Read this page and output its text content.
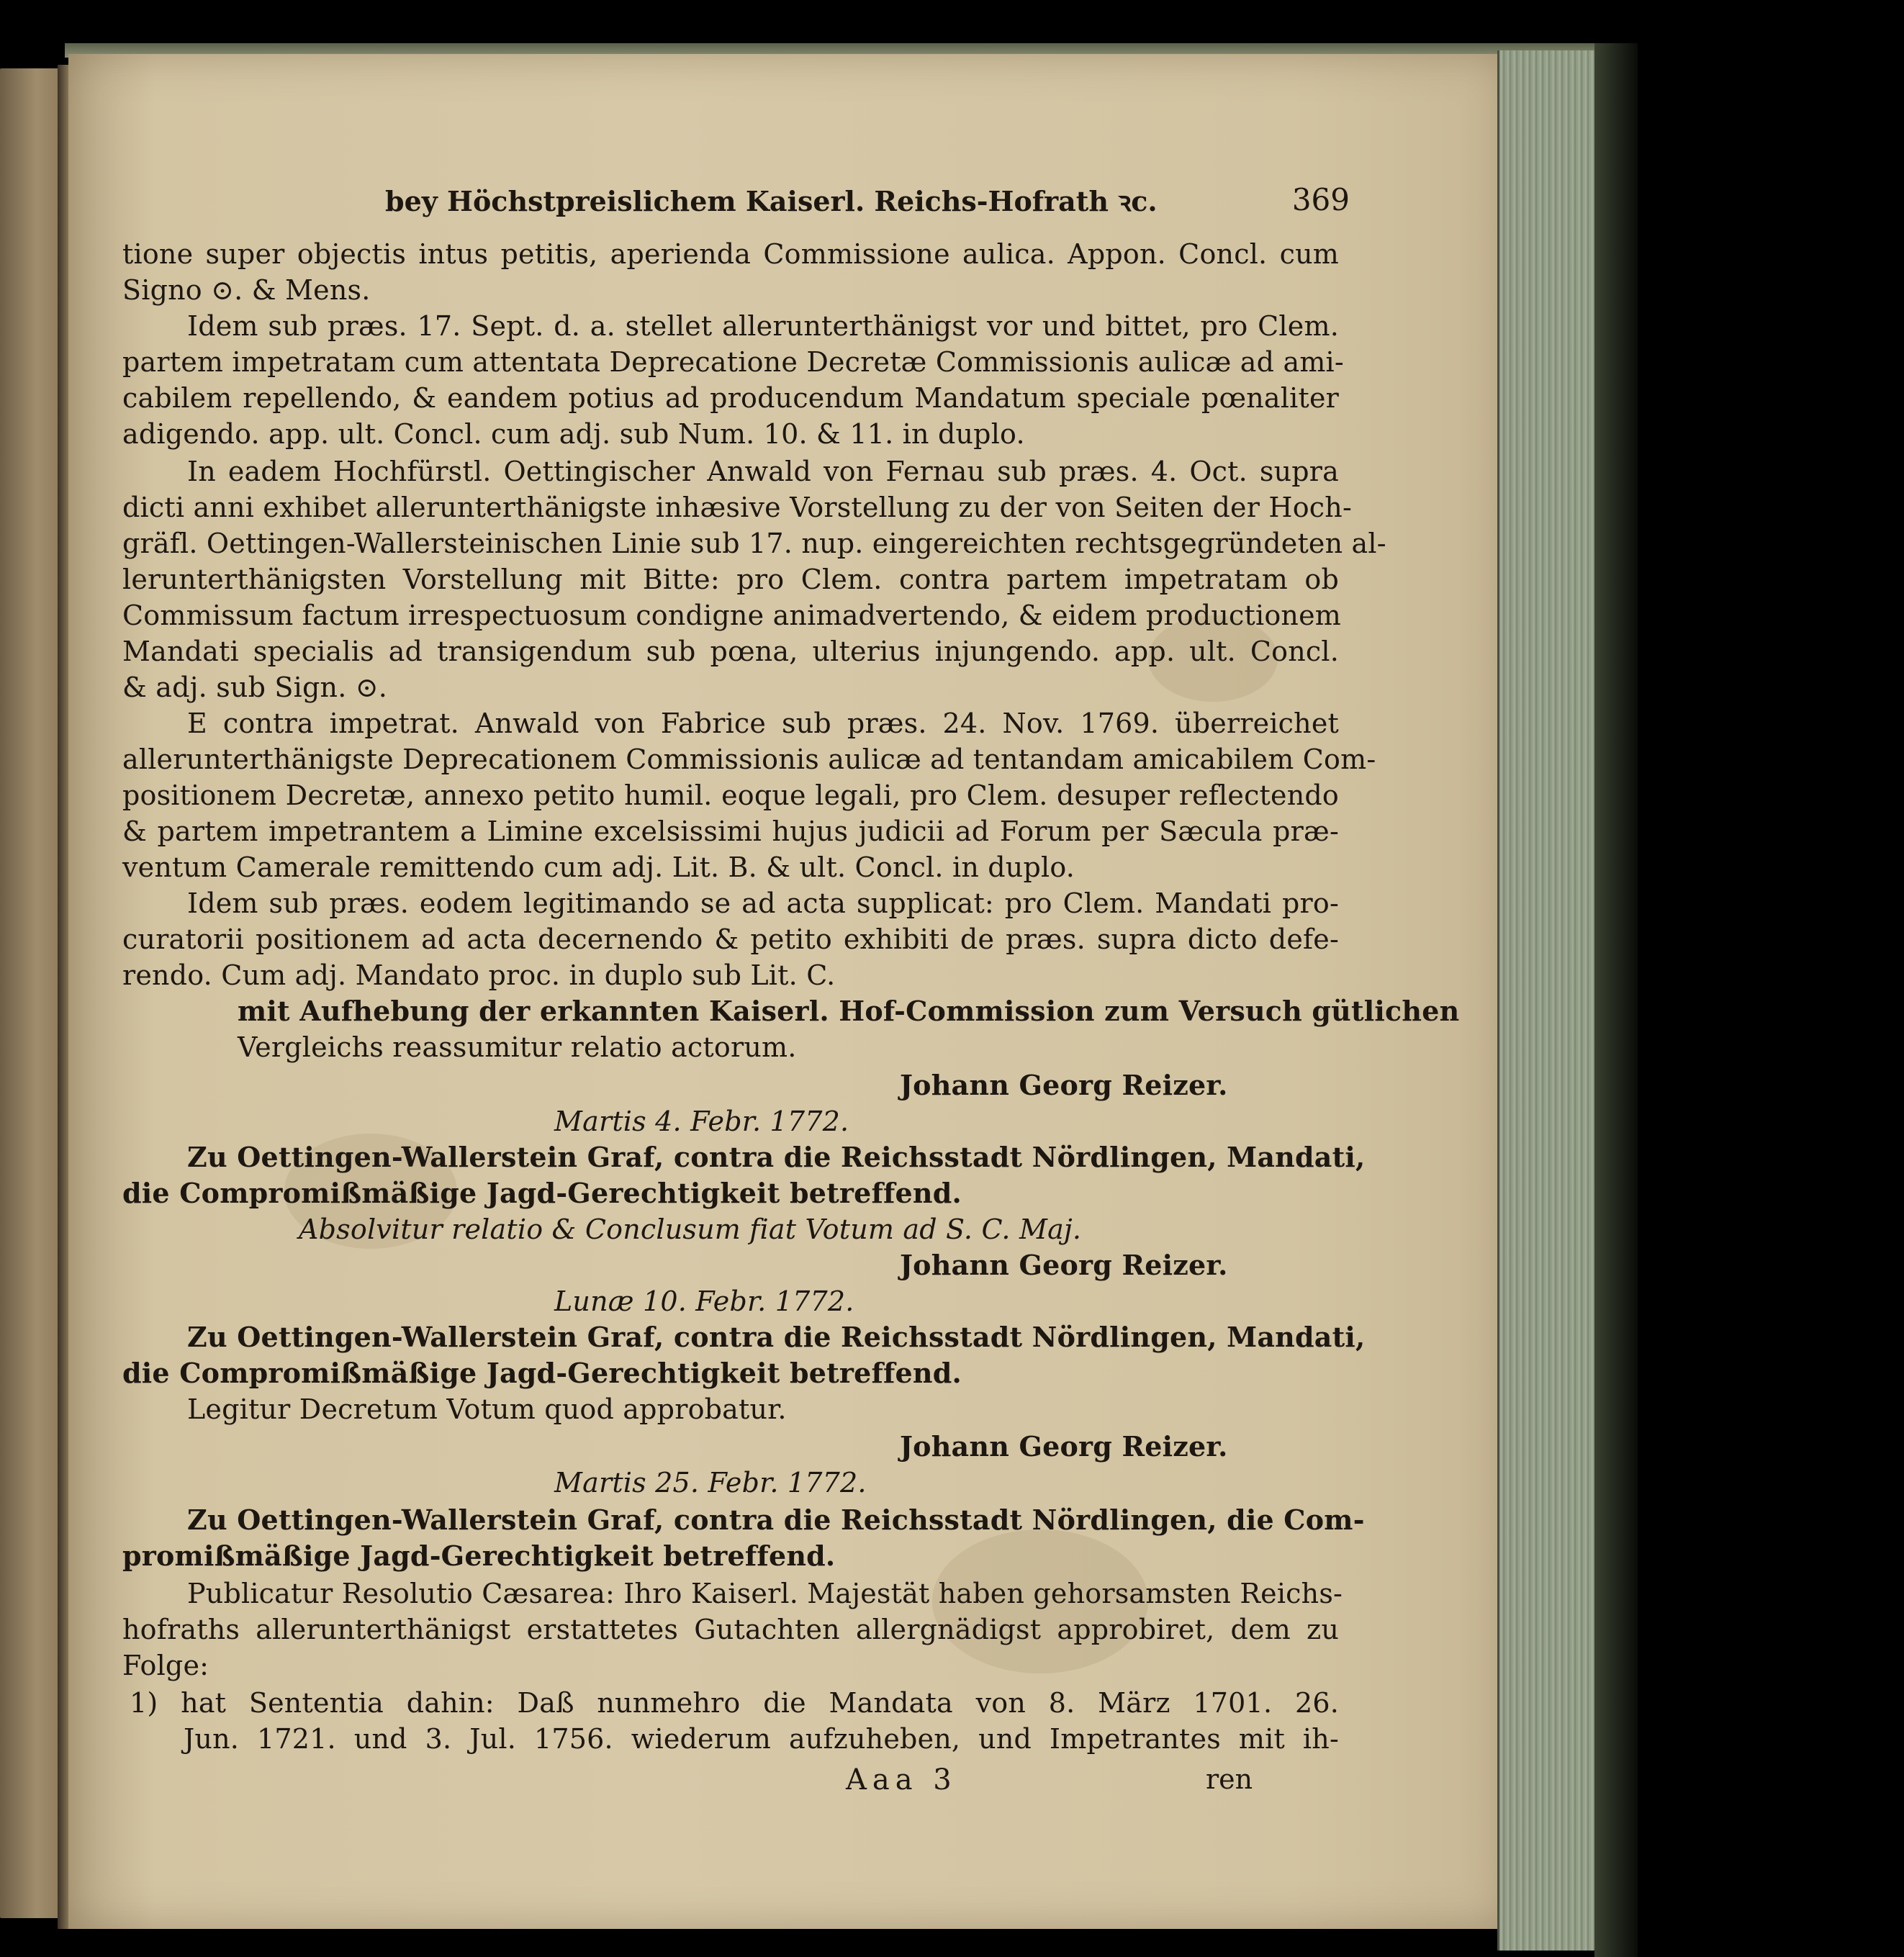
bey Höchstpreislichem Kaiserl. Reichs-Hofrath ꝛc.	369
tione super objectis intus petitis, aperienda Commissione aulica. Appon. Concl. cum
Signo ⊙. & Mens.
Idem sub præs. 17. Sept. d. a. stellet allerunterthänigst vor und bittet, pro Clem.
partem impetratam cum attentata Deprecatione Decretæ Commissionis aulicæ ad ami-
cabilem repellendo, & eandem potius ad producendum Mandatum speciale pœnaliter
adigendo. app. ult. Concl. cum adj. sub Num. 10. & 11. in duplo.
In eadem Hochfürstl. Oettingischer Anwald von Fernau sub præs. 4. Oct. supra
dicti anni exhibet allerunterthänigste inhæsive Vorstellung zu der von Seiten der Hoch-
gräfl. Oettingen-Wallersteinischen Linie sub 17. nup. eingereichten rechtsgegründeten al-
lerunterthänigsten Vorstellung mit Bitte: pro Clem. contra partem impetratam ob
Commissum factum irrespectuosum condigne animadvertendo, & eidem productionem
Mandati specialis ad transigendum sub pœna, ulterius injungendo. app. ult. Concl.
& adj. sub Sign. ⊙.
E contra impetrat. Anwald von Fabrice sub præs. 24. Nov. 1769. überreichet
allerunterthänigste Deprecationem Commissionis aulicæ ad tentandam amicabilem Com-
positionem Decretæ, annexo petito humil. eoque legali, pro Clem. desuper reflectendo
& partem impetrantem a Limine excelsissimi hujus judicii ad Forum per Sæcula præ-
ventum Camerale remittendo cum adj. Lit. B. & ult. Concl. in duplo.
Idem sub præs. eodem legitimando se ad acta supplicat: pro Clem. Mandati pro-
curatorii positionem ad acta decernendo & petito exhibiti de præs. supra dicto defe-
rendo. Cum adj. Mandato proc. in duplo sub Lit. C.
mit Aufhebung der erkannten Kaiserl. Hof-Commission zum Versuch gütlichen
Vergleichs reassumitur relatio actorum.
Johann Georg Reizer.
Martis 4. Febr. 1772.
Zu Oettingen-Wallerstein Graf, contra die Reichsstadt Nördlingen, Mandati,
die Compromißmäßige Jagd-Gerechtigkeit betreffend.
Absolvitur relatio & Conclusum fiat Votum ad S. C. Maj.
Johann Georg Reizer.
Lunæ 10. Febr. 1772.
Zu Oettingen-Wallerstein Graf, contra die Reichsstadt Nördlingen, Mandati,
die Compromißmäßige Jagd-Gerechtigkeit betreffend.
Legitur Decretum Votum quod approbatur.
Johann Georg Reizer.
Martis 25. Febr. 1772.
Zu Oettingen-Wallerstein Graf, contra die Reichsstadt Nördlingen, die Com-
promißmäßige Jagd-Gerechtigkeit betreffend.
Publicatur Resolutio Cæsarea: Ihro Kaiserl. Majestät haben gehorsamsten Reichs-
hofraths allerunterthänigst erstattetes Gutachten allergnädigst approbiret, dem zu
Folge:
1) hat Sententia dahin: Daß nunmehro die Mandata von 8. März 1701. 26.
Jun. 1721. und 3. Jul. 1756. wiederum aufzuheben, und Impetrantes mit ih-
Aaa 3	ren
